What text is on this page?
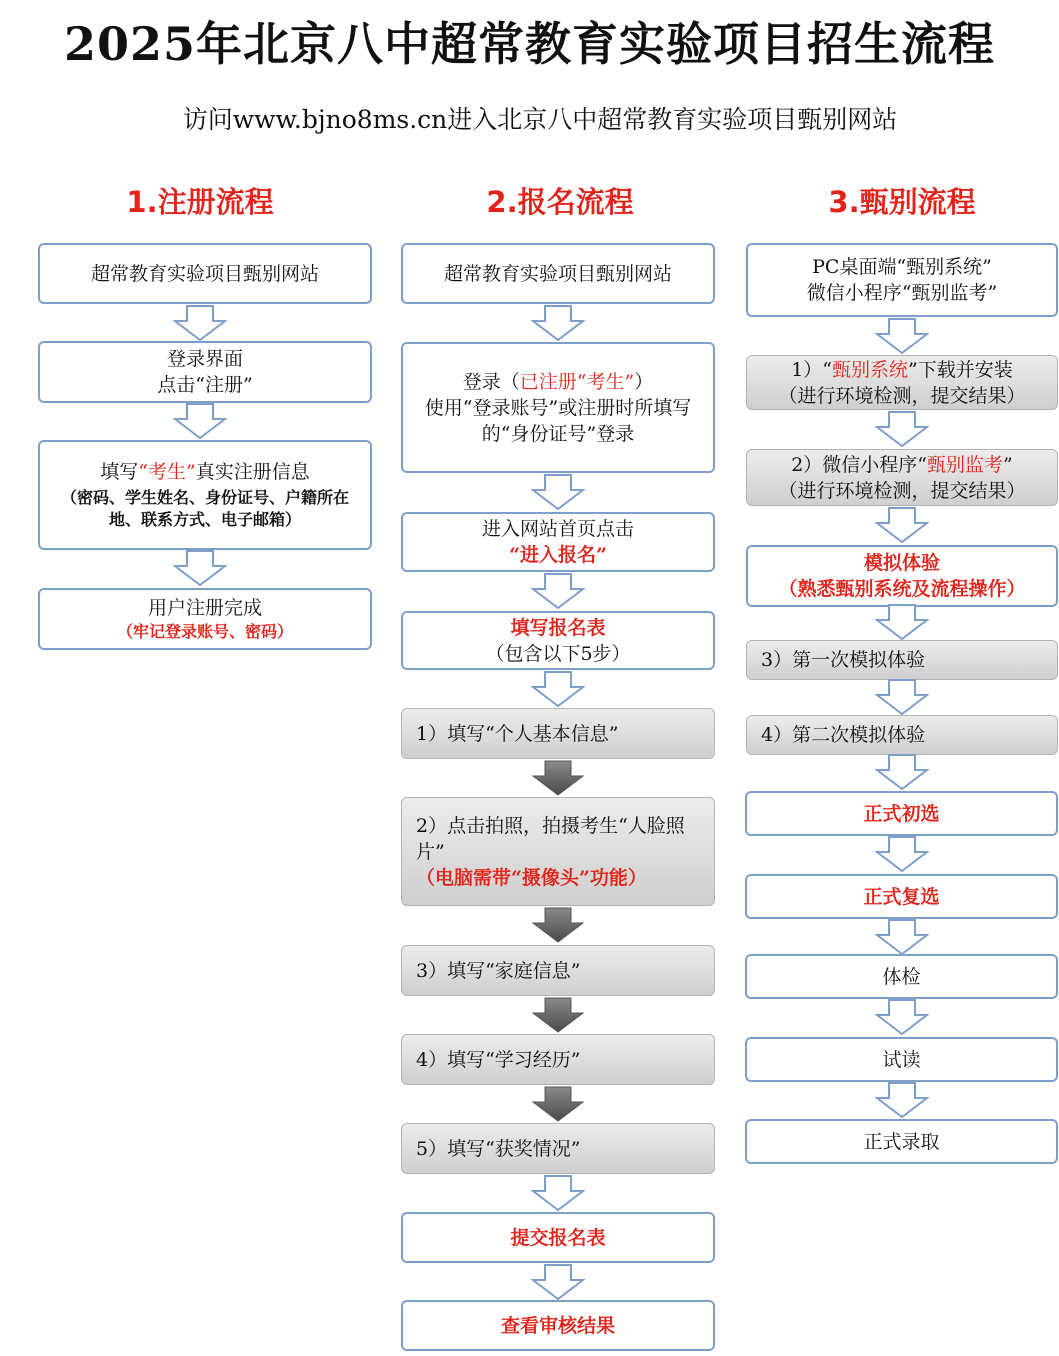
2025年北京八中超常教育实验项目招生流程
访问www.bjno8ms.cn进入北京八中超常教育实验项目甄别网站
1.注册流程	2.报名流程	3.甄别流程
超常教育实验项目甄别网站
登录界面
点击“注册”
填写“考生”真实注册信息
（密码、学生姓名、身份证号、户籍所在地、联系方式、电子邮箱）
用户注册完成
（牢记登录账号、密码）
超常教育实验项目甄别网站
登录（已注册“考生”）
使用“登录账号”或注册时所填写的“身份证号”登录
进入网站首页点击
“进入报名”
填写报名表
（包含以下5步）
1）填写“个人基本信息”
2）点击拍照，拍摄考生“人脸照片”
（电脑需带“摄像头”功能）
3）填写“家庭信息”
4）填写“学习经历”
5）填写“获奖情况”
提交报名表
查看审核结果
PC桌面端“甄别系统”
微信小程序“甄别监考”
1）“甄别系统”下载并安装
（进行环境检测，提交结果）
2）微信小程序“甄别监考”
（进行环境检测，提交结果）
模拟体验
（熟悉甄别系统及流程操作）
3）第一次模拟体验
4）第二次模拟体验
正式初选
正式复选
体检
试读
正式录取
